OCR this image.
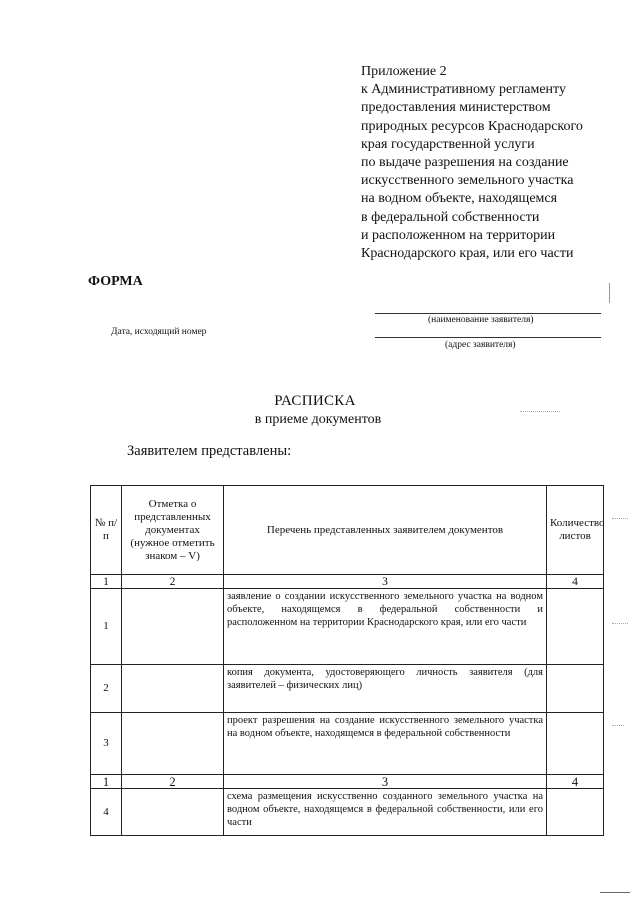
Приложение 2
к Административному регламенту
предоставления министерством
природных ресурсов Краснодарского
края государственной услуги
по выдаче разрешения на создание
искусственного земельного участка
на водном объекте, находящемся
в федеральной собственности
и расположенном на территории
Краснодарского края, или его части
ФОРМА
Дата, исходящий номер
(наименование заявителя)
(адрес заявителя)
РАСПИСКА
в приеме документов
Заявителем представлены:
№ п/п	Отметка о представленных документах (нужное отметить знаком – V)	Перечень представленных заявителем документов	Количество листов
1	2	3	4
1		заявление о создании искусственного земельного участка на водном объекте, находящемся в федеральной собственности и расположенном на территории Краснодарского края, или его части	
2		копия документа, удостоверяющего личность заявителя (для заявителей – физических лиц)	
3		проект разрешения на создание искусственного земельного участка на водном объекте, находящемся в федеральной собственности	
1	2	3	4
4		схема размещения искусственно созданного земельного участка на водном объекте, находящемся в федеральной собственности, или его части	
